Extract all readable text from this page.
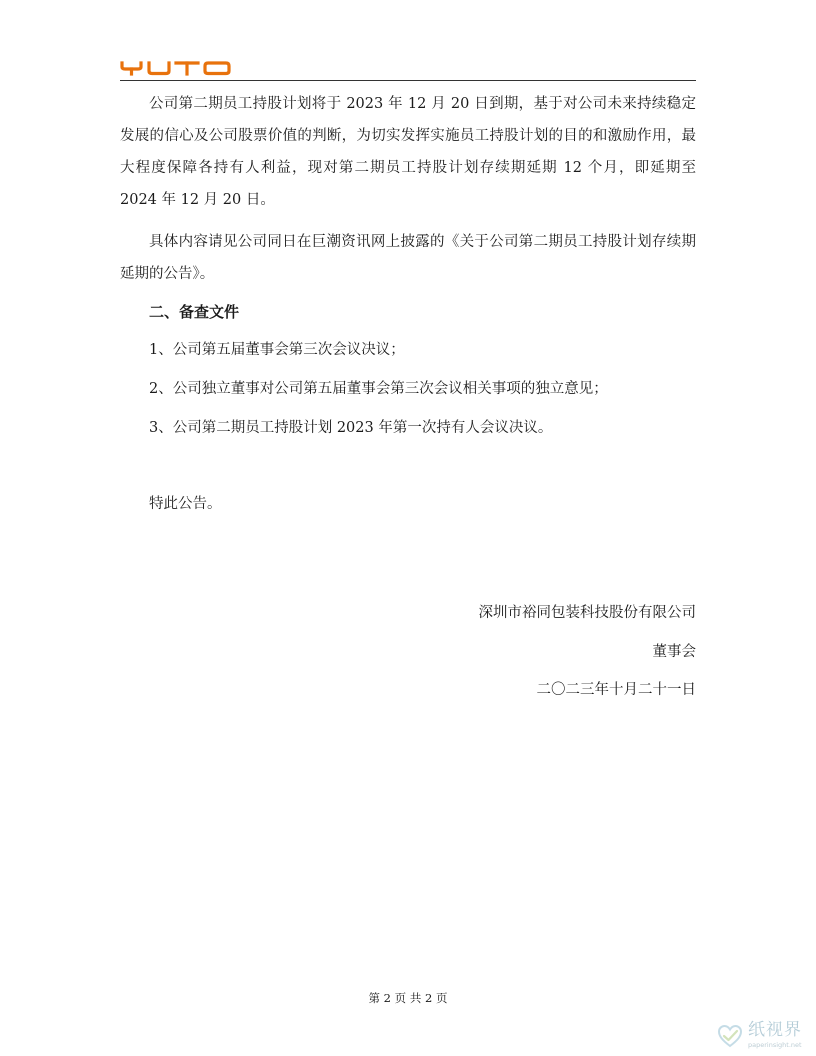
公司第二期员工持股计划将于 2023 年 12 月 20 日到期，基于对公司未来持续稳定发展的信心及公司股票价值的判断，为切实发挥实施员工持股计划的目的和激励作用，最大程度保障各持有人利益，现对第二期员工持股计划存续期延期 12 个月，即延期至 2024 年 12 月 20 日。

具体内容请见公司同日在巨潮资讯网上披露的《关于公司第二期员工持股计划存续期延期的公告》。

二、备查文件
1、公司第五届董事会第三次会议决议；
2、公司独立董事对公司第五届董事会第三次会议相关事项的独立意见；
3、公司第二期员工持股计划 2023 年第一次持有人会议决议。
特此公告。
深圳市裕同包装科技股份有限公司
董事会
二〇二三年十月二十一日
第 2 页 共 2 页
纸视界
paperinsight.net
